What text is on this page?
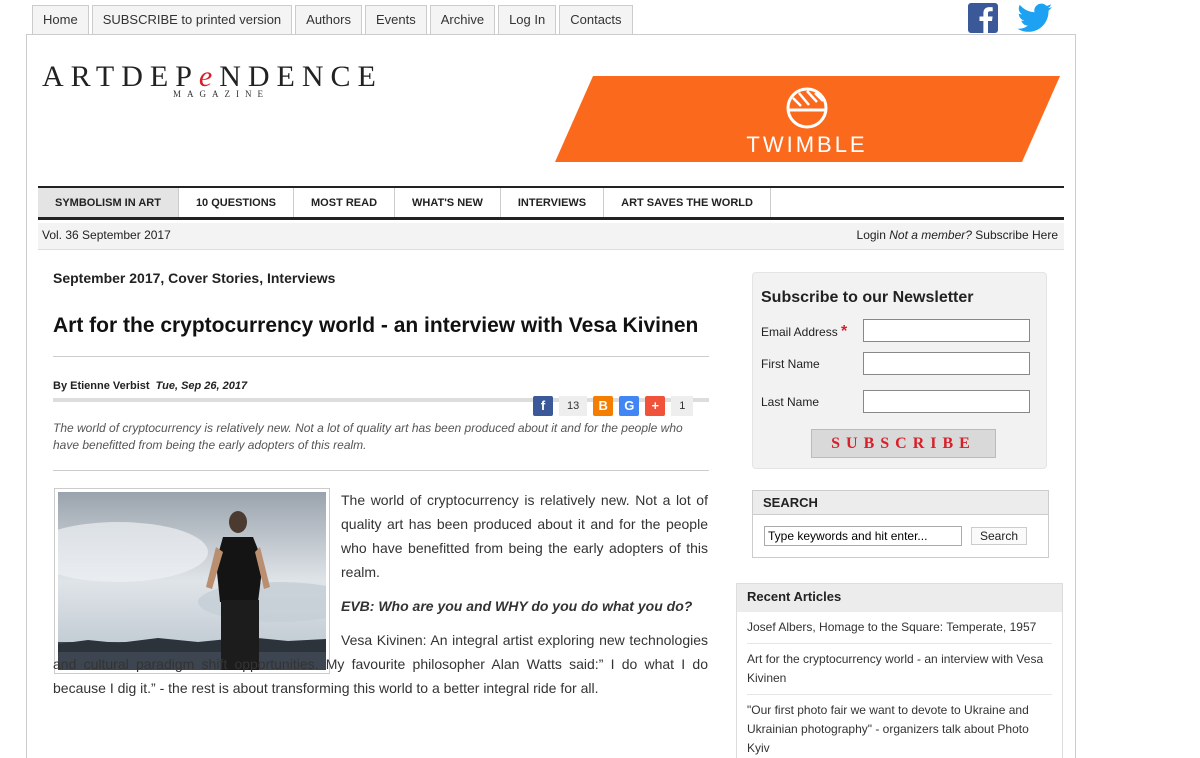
Home	SUBSCRIBE to printed version	Authors	Events	Archive	Log In	Contacts
ARTDEPeNDENCE
MAGAZINE
TWIMBLE
SYMBOLISM IN ART	10 QUESTIONS	MOST READ	WHAT'S NEW	INTERVIEWS	ART SAVES THE WORLD
Vol. 36 September 2017	Login Not a member? Subscribe Here
September 2017, Cover Stories, Interviews
Art for the cryptocurrency world - an interview with Vesa Kivinen
By Etienne Verbist Tue, Sep 26, 2017
f	13	B	G	+	1
The world of cryptocurrency is relatively new. Not a lot of quality art has been produced about it and for the people who have benefitted from being the early adopters of this realm.

The world of cryptocurrency is relatively new. Not a lot of quality art has been produced about it and for the people who have benefitted from being the early adopters of this realm.

EVB: Who are you and WHY do you do what you do?

Vesa Kivinen: An integral artist exploring new technologies and cultural paradigm shift opportunities. My favourite philosopher Alan Watts said:” I do what I do because I dig it.” - the rest is about transforming this world to a better integral ride for all.

Subscribe to our Newsletter
Email Address *
First Name
Last Name
SUBSCRIBE
SEARCH
Type keywords and hit enter...
Search
Recent Articles
Josef Albers, Homage to the Square: Temperate, 1957
Art for the cryptocurrency world - an interview with Vesa Kivinen
"Our first photo fair we want to devote to Ukraine and Ukrainian photography" - organizers talk about Photo Kyiv
